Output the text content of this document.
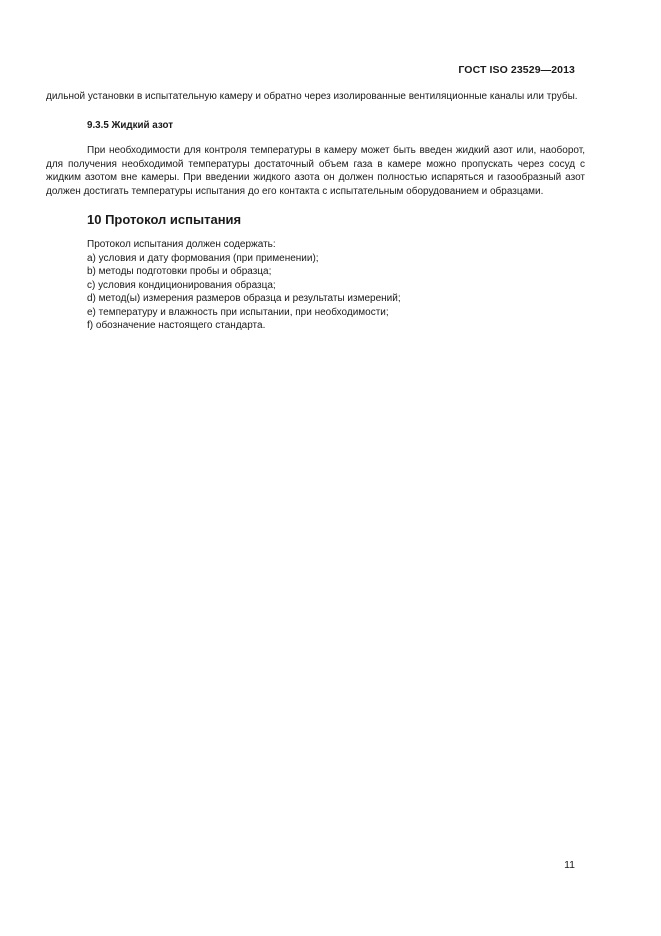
ГОСТ ISO 23529—2013

дильной установки в испытательную камеру и обратно через изолированные вентиляционные каналы или трубы.

9.3.5 Жидкий азот

При необходимости для контроля температуры в камеру может быть введен жидкий азот или, наоборот, для получения необходимой температуры достаточный объем газа в камере можно пропускать через сосуд с жидким азотом вне камеры. При введении жидкого азота он должен полностью испаряться и газообразный азот должен достигать температуры испытания до его контакта с испытательным оборудованием и образцами.

10 Протокол испытания
Протокол испытания должен содержать:
a) условия и дату формования (при применении);
b) методы подготовки пробы и образца;
c) условия кондиционирования образца;
d) метод(ы) измерения размеров образца и результаты измерений;
e) температуру и влажность при испытании, при необходимости;
f) обозначение настоящего стандарта.
11
